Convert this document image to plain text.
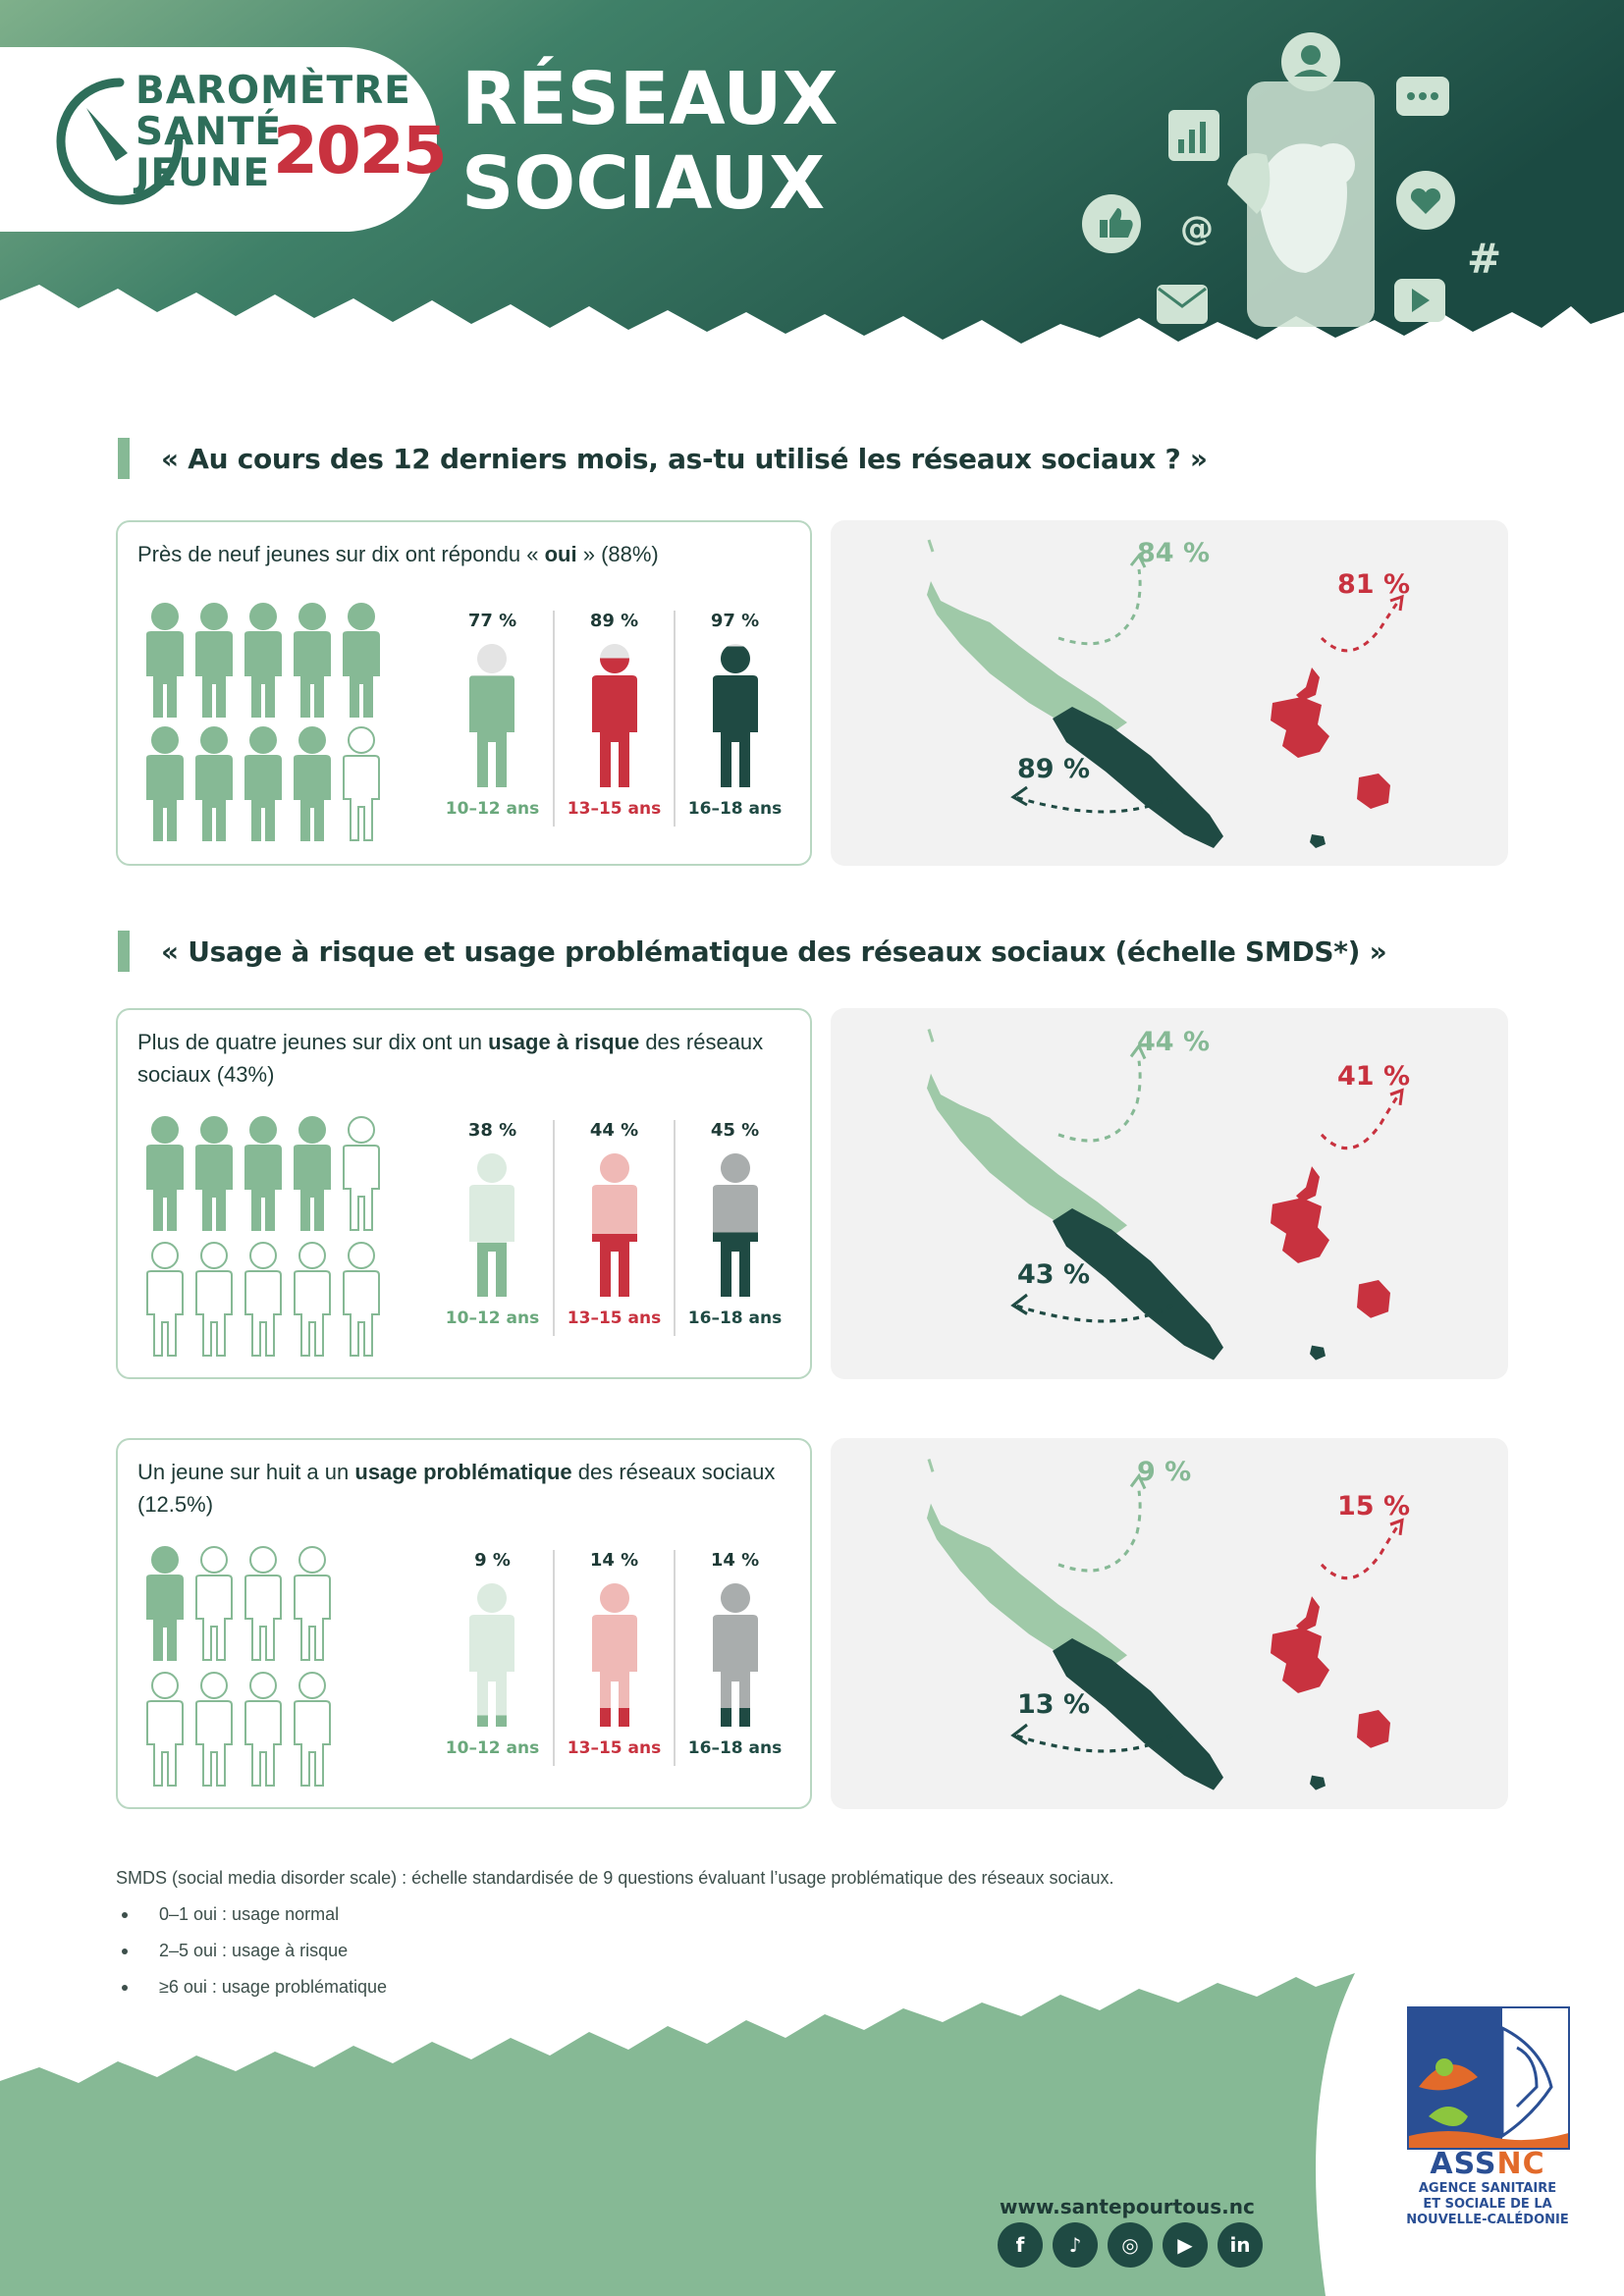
BAROMÈTRE
SANTÉ
JEUNE 2025
RÉSEAUX
SOCIAUX
@
#
« Au cours des 12 derniers mois, as-tu utilisé les réseaux sociaux ? »
Près de neuf jeunes sur dix ont répondu « oui » (88%)
77 %
10–12 ans
89 %
13–15 ans
97 %
16–18 ans
84 %
81 %
89 %
« Usage à risque et usage problématique des réseaux sociaux (échelle SMDS*) »
Plus de quatre jeunes sur dix ont un usage à risque des réseaux sociaux (43%)
38 %
10–12 ans
44 %
13–15 ans
45 %
16–18 ans
44 %
41 %
43 %
Un jeune sur huit a un usage problématique des réseaux sociaux (12.5%)
9 %
10–12 ans
14 %
13–15 ans
14 %
16–18 ans
9 %
15 %
13 %
SMDS (social media disorder scale) : échelle standardisée de 9 questions évaluant l’usage problématique des réseaux sociaux.
0–1 oui : usage normal
2–5 oui : usage à risque
≥6 oui : usage problématique
www.santepourtous.nc
f	♪	◎	▶	in
ASSNC
AGENCE SANITAIRE
ET SOCIALE DE LA
NOUVELLE-CALÉDONIE
